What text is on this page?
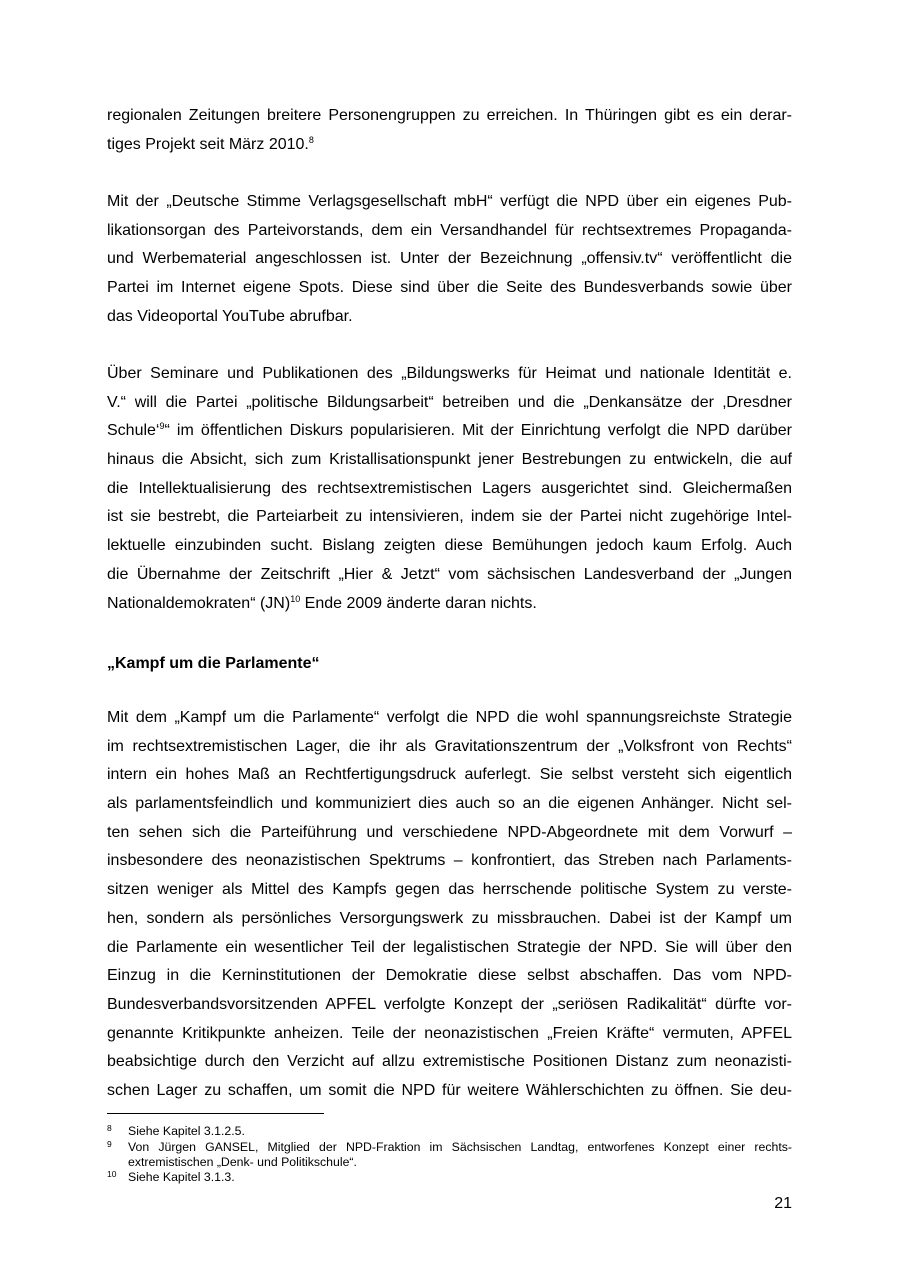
regionalen Zeitungen breitere Personengruppen zu erreichen. In Thüringen gibt es ein derar-
tiges Projekt seit März 2010.$^8$
Mit der „Deutsche Stimme Verlagsgesellschaft mbH“ verfügt die NPD über ein eigenes Pub-
likationsorgan des Parteivorstands, dem ein Versandhandel für rechtsextremes Propaganda-
und Werbematerial angeschlossen ist. Unter der Bezeichnung „offensiv.tv“ veröffentlicht die
Partei im Internet eigene Spots. Diese sind über die Seite des Bundesverbands sowie über
das Videoportal YouTube abrufbar.
Über Seminare und Publikationen des „Bildungswerks für Heimat und nationale Identität e.
V.“ will die Partei „politische Bildungsarbeit“ betreiben und die „Denkansätze der ‚Dresdner
Schule‘$^9$“ im öffentlichen Diskurs popularisieren. Mit der Einrichtung verfolgt die NPD darüber
hinaus die Absicht, sich zum Kristallisationspunkt jener Bestrebungen zu entwickeln, die auf
die Intellektualisierung des rechtsextremistischen Lagers ausgerichtet sind. Gleichermaßen
ist sie bestrebt, die Parteiarbeit zu intensivieren, indem sie der Partei nicht zugehörige Intel-
lektuelle einzubinden sucht. Bislang zeigten diese Bemühungen jedoch kaum Erfolg. Auch
die Übernahme der Zeitschrift „Hier & Jetzt“ vom sächsischen Landesverband der „Jungen
Nationaldemokraten“ (JN)$^{10}$ Ende 2009 änderte daran nichts.
„Kampf um die Parlamente“
Mit dem „Kampf um die Parlamente“ verfolgt die NPD die wohl spannungsreichste Strategie
im rechtsextremistischen Lager, die ihr als Gravitationszentrum der „Volksfront von Rechts“
intern ein hohes Maß an Rechtfertigungsdruck auferlegt. Sie selbst versteht sich eigentlich
als parlamentsfeindlich und kommuniziert dies auch so an die eigenen Anhänger. Nicht sel-
ten sehen sich die Parteiführung und verschiedene NPD-Abgeordnete mit dem Vorwurf –
insbesondere des neonazistischen Spektrums – konfrontiert, das Streben nach Parlaments-
sitzen weniger als Mittel des Kampfs gegen das herrschende politische System zu verste-
hen, sondern als persönliches Versorgungswerk zu missbrauchen. Dabei ist der Kampf um
die Parlamente ein wesentlicher Teil der legalistischen Strategie der NPD. Sie will über den
Einzug in die Kerninstitutionen der Demokratie diese selbst abschaffen. Das vom NPD-
Bundesverbandsvorsitzenden APFEL verfolgte Konzept der „seriösen Radikalität“ dürfte vor-
genannte Kritikpunkte anheizen. Teile der neonazistischen „Freien Kräfte“ vermuten, APFEL
beabsichtige durch den Verzicht auf allzu extremistische Positionen Distanz zum neonazisti-
schen Lager zu schaffen, um somit die NPD für weitere Wählerschichten zu öffnen. Sie deu-
8 Siehe Kapitel 3.1.2.5.
9 Von Jürgen GANSEL, Mitglied der NPD-Fraktion im Sächsischen Landtag, entworfenes Konzept einer rechts-
extremistischen „Denk- und Politikschule“.
10 Siehe Kapitel 3.1.3.
21
